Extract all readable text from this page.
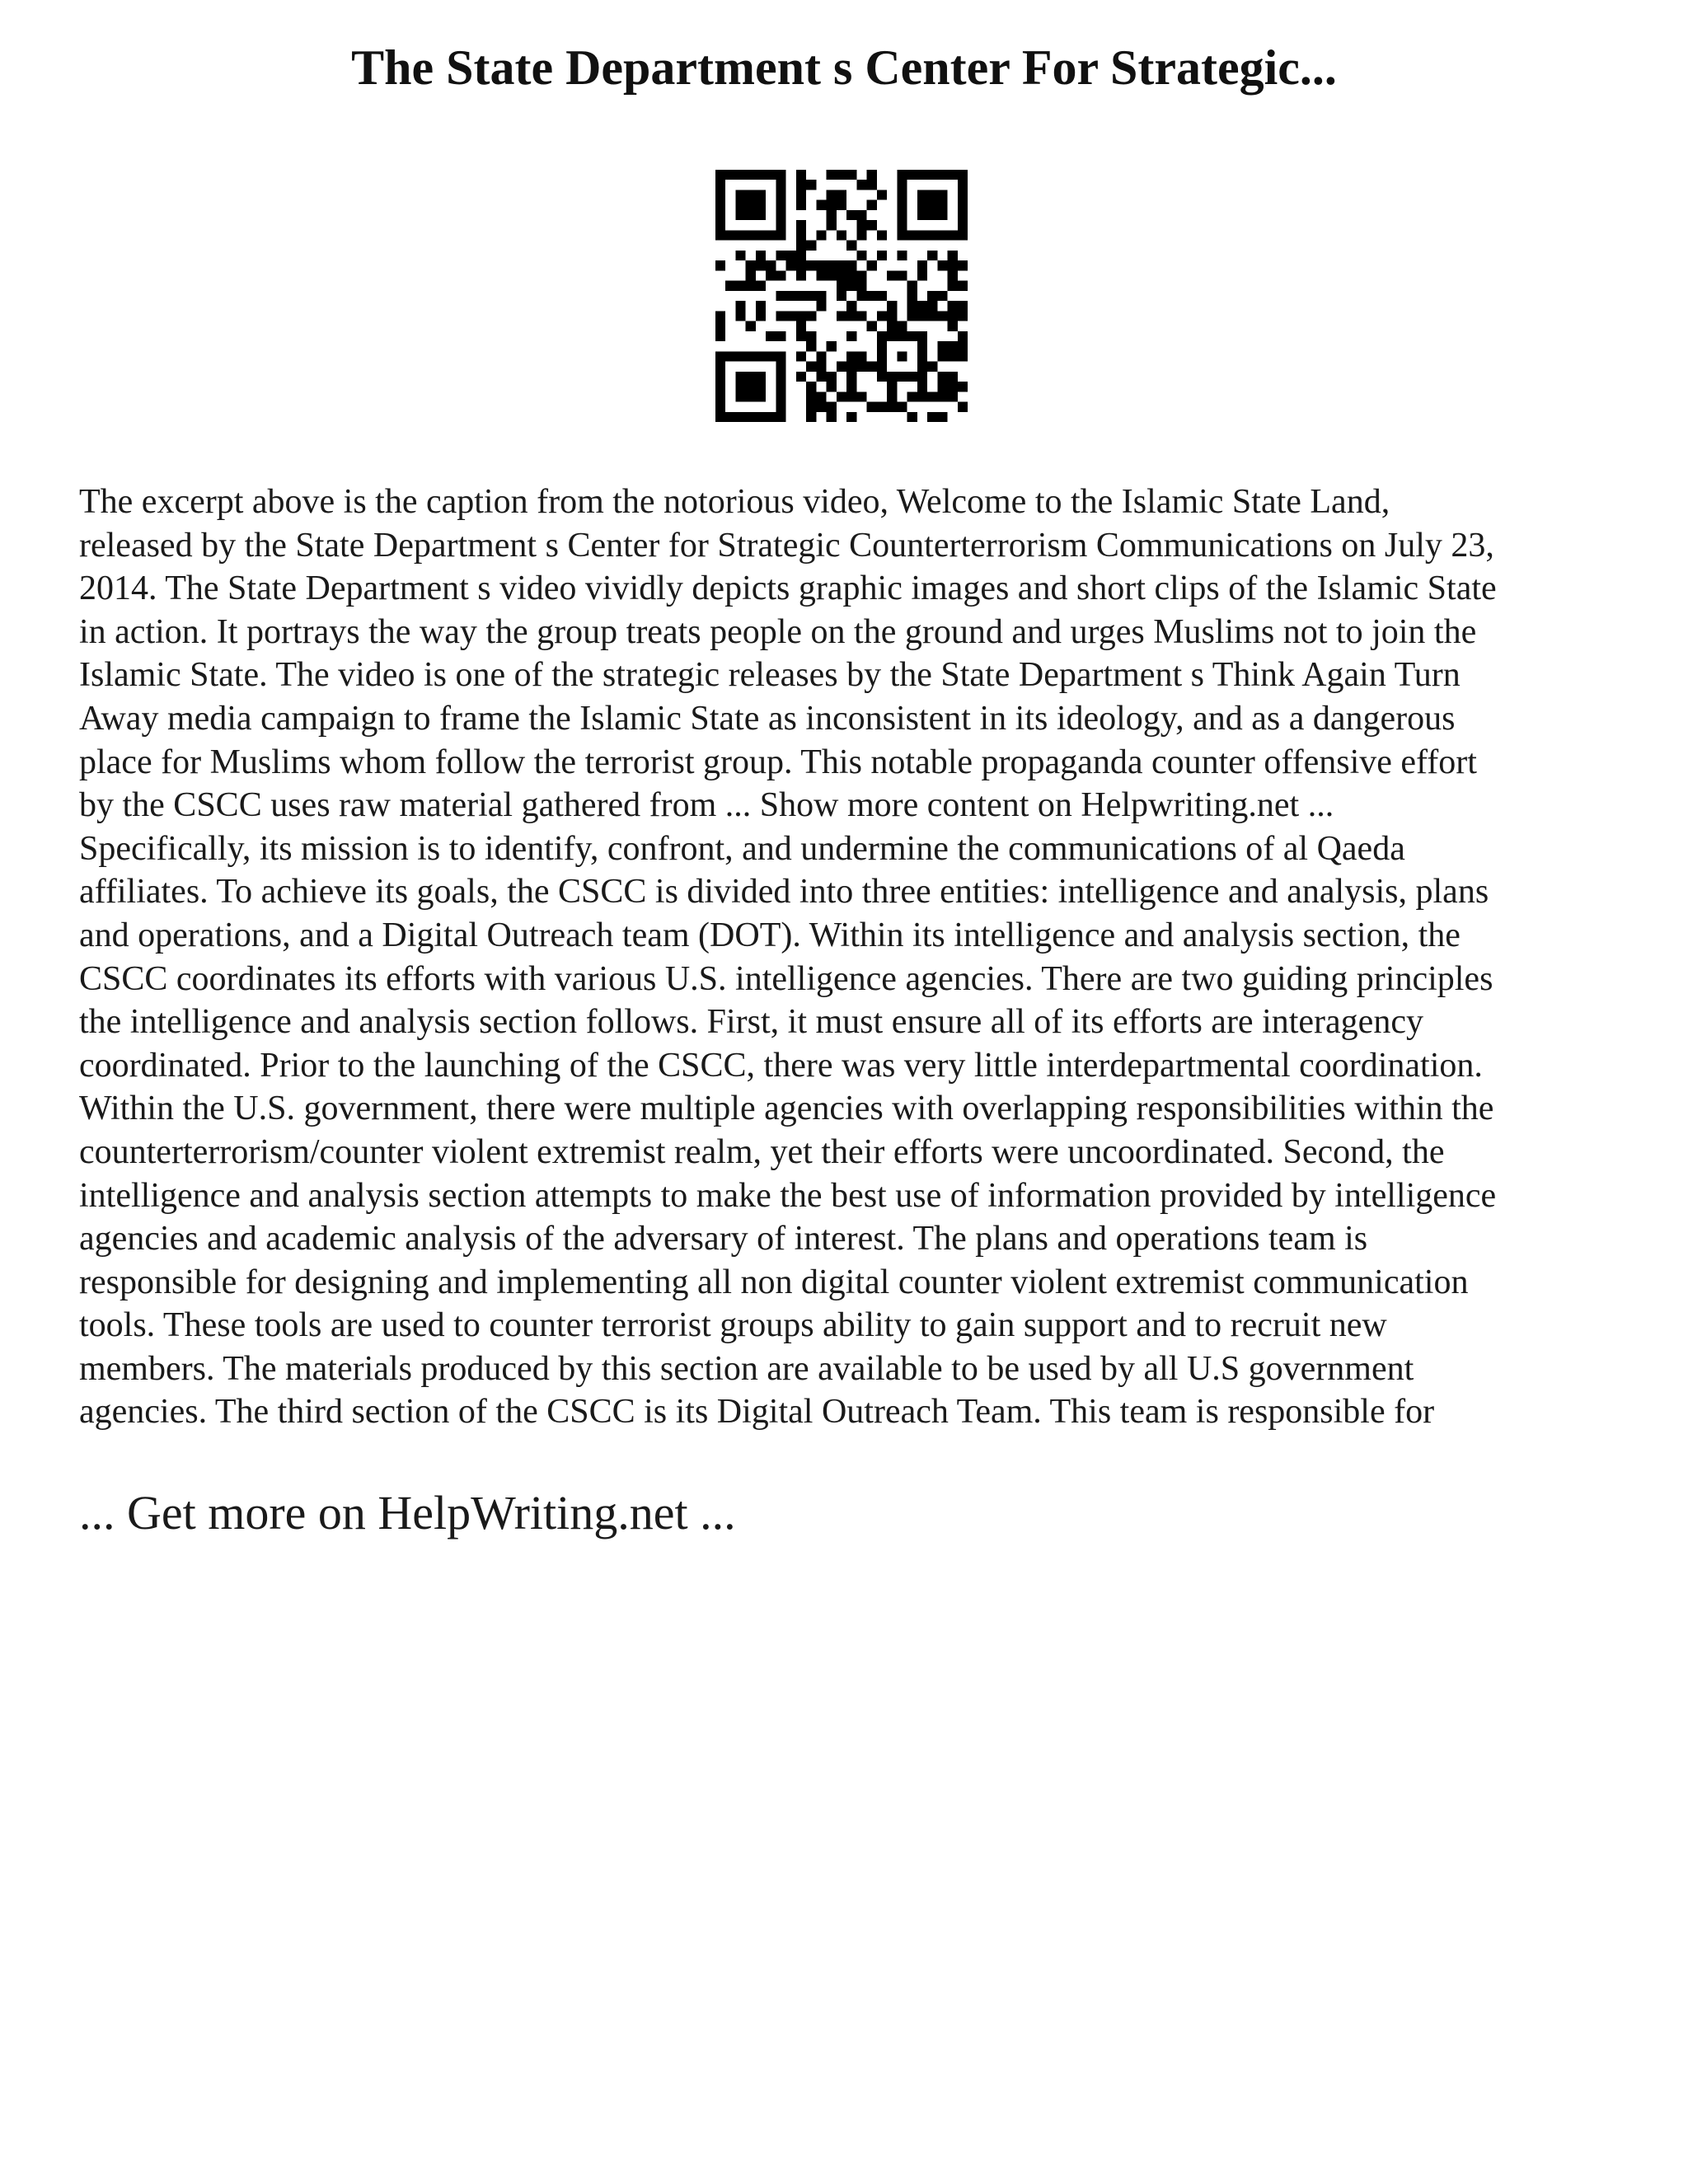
The State Department s Center For Strategic...

The excerpt above is the caption from the notorious video, Welcome to the Islamic State Land,
released by the State Department s Center for Strategic Counterterrorism Communications on July 23,
2014. The State Department s video vividly depicts graphic images and short clips of the Islamic State
in action. It portrays the way the group treats people on the ground and urges Muslims not to join the
Islamic State. The video is one of the strategic releases by the State Department s Think Again Turn
Away media campaign to frame the Islamic State as inconsistent in its ideology, and as a dangerous
place for Muslims whom follow the terrorist group. This notable propaganda counter offensive effort
by the CSCC uses raw material gathered from ... Show more content on Helpwriting.net ...
Specifically, its mission is to identify, confront, and undermine the communications of al Qaeda
affiliates. To achieve its goals, the CSCC is divided into three entities: intelligence and analysis, plans
and operations, and a Digital Outreach team (DOT). Within its intelligence and analysis section, the
CSCC coordinates its efforts with various U.S. intelligence agencies. There are two guiding principles
the intelligence and analysis section follows. First, it must ensure all of its efforts are interagency
coordinated. Prior to the launching of the CSCC, there was very little interdepartmental coordination.
Within the U.S. government, there were multiple agencies with overlapping responsibilities within the
counterterrorism/counter violent extremist realm, yet their efforts were uncoordinated. Second, the
intelligence and analysis section attempts to make the best use of information provided by intelligence
agencies and academic analysis of the adversary of interest. The plans and operations team is
responsible for designing and implementing all non digital counter violent extremist communication
tools. These tools are used to counter terrorist groups ability to gain support and to recruit new
members. The materials produced by this section are available to be used by all U.S government
agencies. The third section of the CSCC is its Digital Outreach Team. This team is responsible for

... Get more on HelpWriting.net ...
